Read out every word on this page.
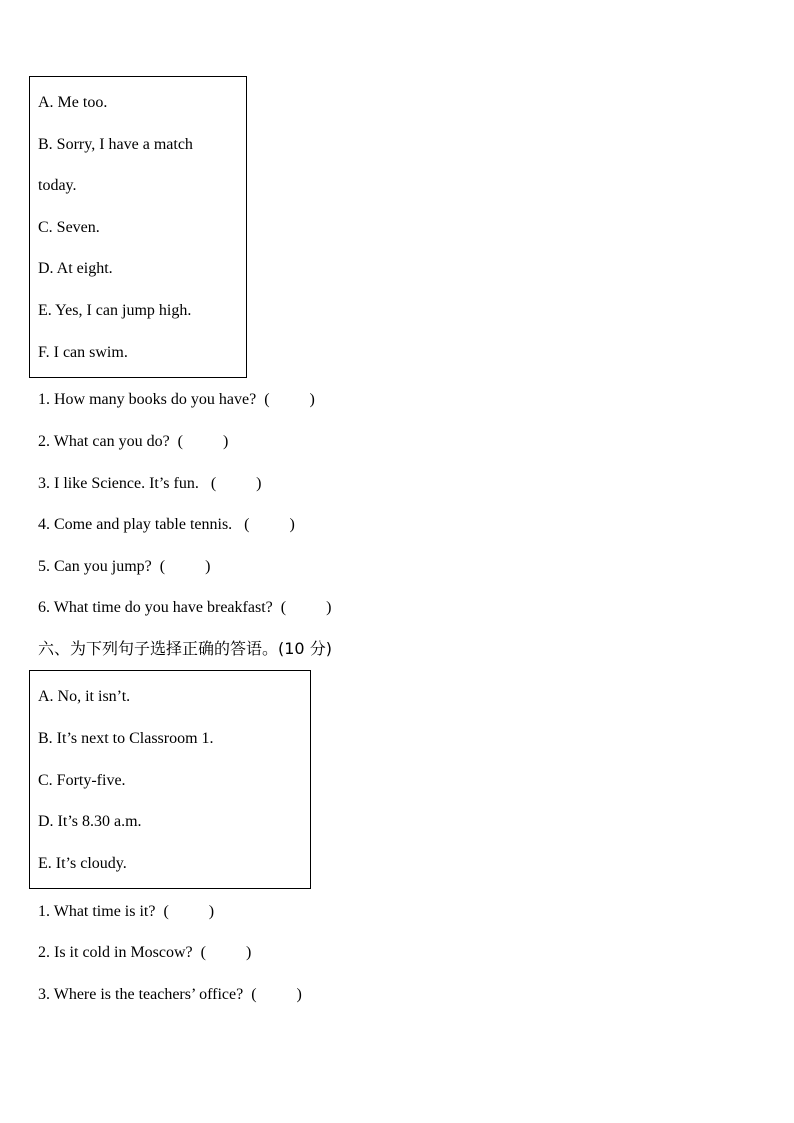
A. Me too.
B. Sorry, I have a match
today.
C. Seven.
D. At eight.
E. Yes, I can jump high.
F. I can swim.
1. How many books do you have?  (          )
2. What can you do?  (          )
3. I like Science. It’s fun.   (          )
4. Come and play table tennis.   (          )
5. Can you jump?  (          )
6. What time do you have breakfast?  (          )
六、为下列句子选择正确的答语。(10 分)
A. No, it isn’t.
B. It’s next to Classroom 1.
C. Forty-five.
D. It’s 8.30 a.m.
E. It’s cloudy.
1. What time is it?  (          )
2. Is it cold in Moscow?  (          )
3. Where is the teachers’ office?  (          )
